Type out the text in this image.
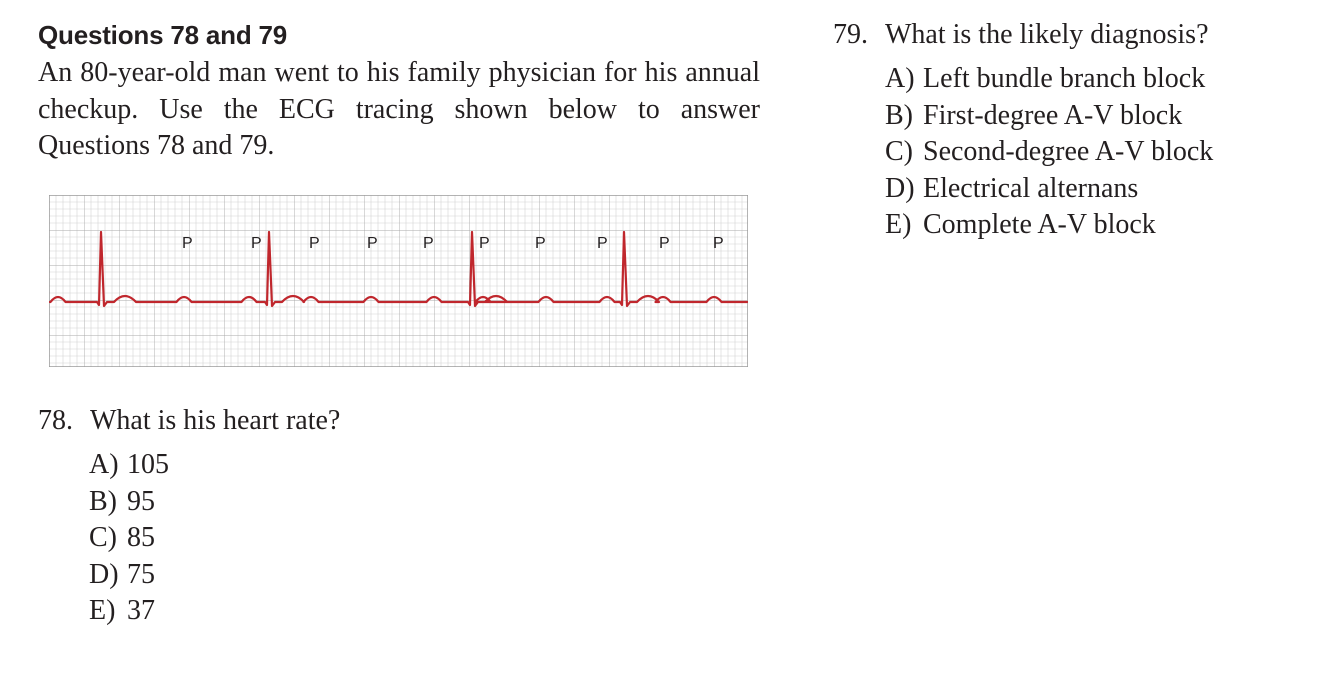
Questions 78 and 79
An 80-year-old man went to his family physician for his annual checkup. Use the ECG tracing shown below to answer Questions 78 and 79.
P	P	P	P	P	P	P	P	P	P
78. What is his heart rate?
A) 105
B) 95
C) 85
D) 75
E) 37
79. What is the likely diagnosis?
A) Left bundle branch block
B) First-degree A-V block
C) Second-degree A-V block
D) Electrical alternans
E) Complete A-V block
